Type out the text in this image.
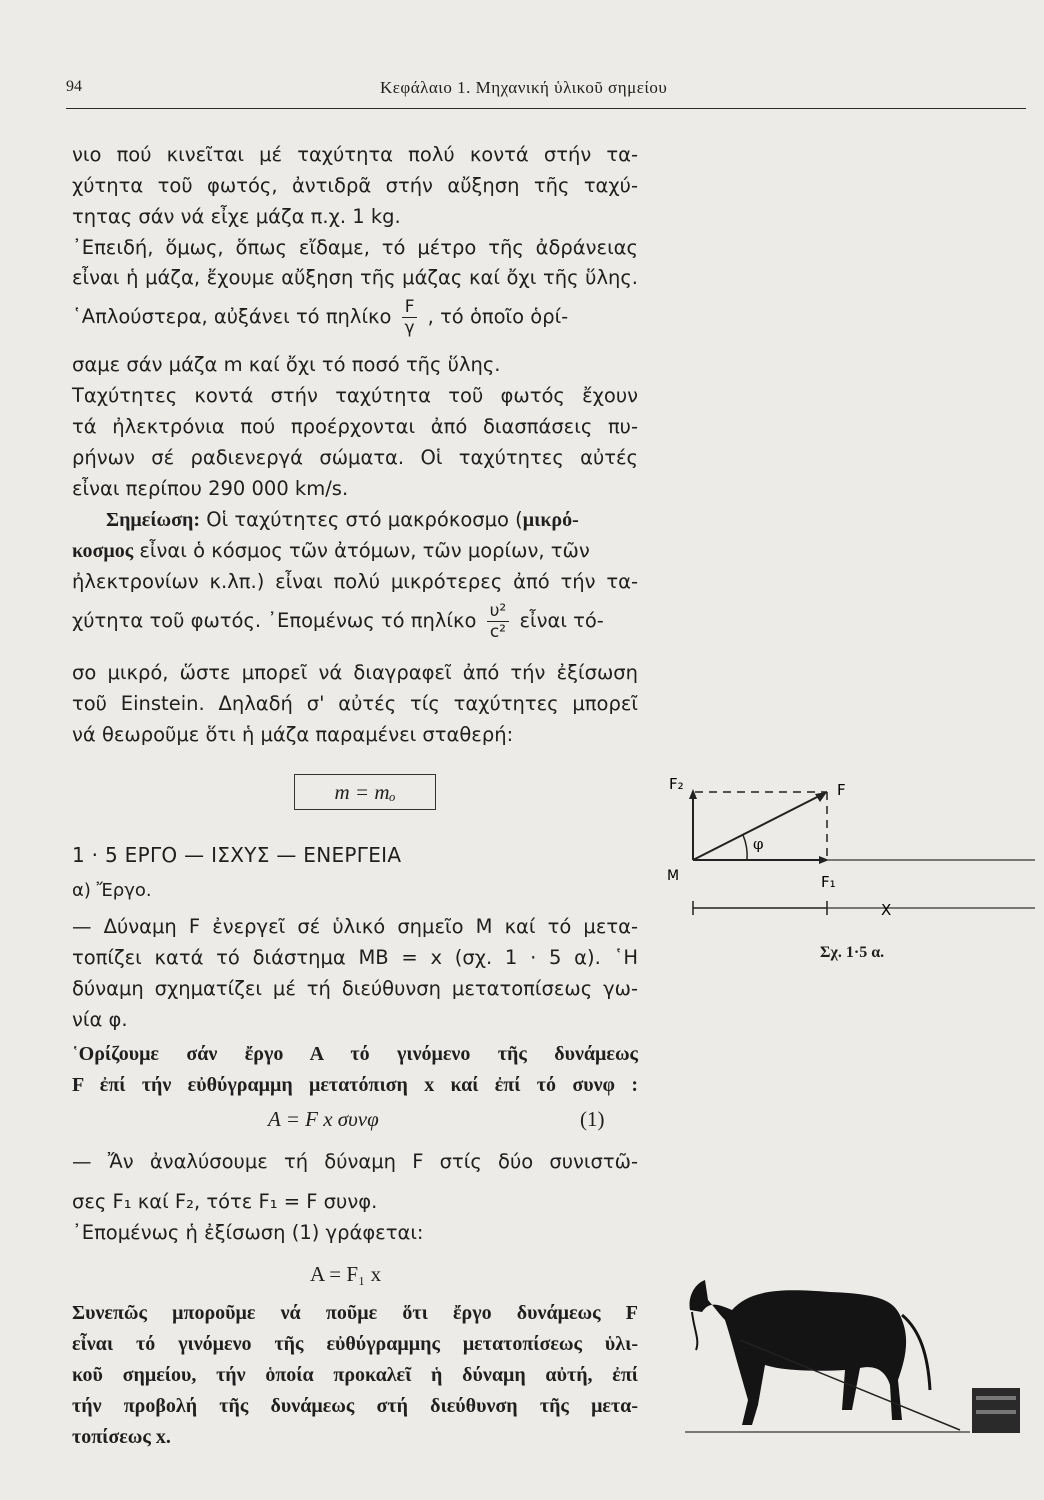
94	Κεφάλαιο 1. Μηχανική ὑλικοῦ σημείου
νιο πού κινεῖται μέ ταχύτητα πολύ κοντά στήν τα-
χύτητα τοῦ φωτός, ἀντιδρᾶ στήν αὔξηση τῆς ταχύ-
τητας σάν νά εἶχε μάζα π.χ. 1 kg.
᾿Επειδή, ὅμως, ὅπως εἴδαμε, τό μέτρο τῆς ἀδράνειας
εἶναι ἡ μάζα, ἔχουμε αὔξηση τῆς μάζας καί ὄχι τῆς ὕλης.
῾Απλούστερα, αὐξάνει τό πηλίκο $\frac{F}{\gamma}$ , τό ὁποῖο ὁρί-
σαμε σάν μάζα m καί ὄχι τό ποσό τῆς ὕλης.
Ταχύτητες κοντά στήν ταχύτητα τοῦ φωτός ἔχουν
τά ἠλεκτρόνια πού προέρχονται ἀπό διασπάσεις πυ-
ρήνων σέ ραδιενεργά σώματα. Οἱ ταχύτητες αὐτές
εἶναι περίπου 290 000 km/s.
Σημείωση: Οἱ ταχύτητες στό μακρόκοσμο (μικρό-
κοσμος εἶναι ὁ κόσμος τῶν ἀτόμων, τῶν μορίων, τῶν
ἠλεκτρονίων κ.λπ.) εἶναι πολύ μικρότερες ἀπό τήν τα-
χύτητα τοῦ φωτός. ᾿Επομένως τό πηλίκο $\frac{\text{υ²}}{\text{c²}}$ εἶναι τό-
σο μικρό, ὥστε μπορεῖ νά διαγραφεῖ ἀπό τήν ἐξίσωση
τοῦ Einstein. Δηλαδή σ' αὐτές τίς ταχύτητες μπορεῖ
νά θεωροῦμε ὅτι ἡ μάζα παραμένει σταθερή:
m = mₒ
1 · 5 ΕΡΓΟ — ΙΣΧΥΣ — ΕΝΕΡΓΕΙΑ
α) Ἔργο.
— Δύναμη F ἐνεργεῖ σέ ὑλικό σημεῖο Μ καί τό μετα-
τοπίζει κατά τό διάστημα ΜΒ = x (σχ. 1 · 5 α). ῾Η
δύναμη σχηματίζει μέ τή διεύθυνση μετατοπίσεως γω-
νία φ.
῾Ορίζουμε σάν ἔργο Α τό γινόμενο τῆς δυνάμεως
F ἐπί τήν εὐθύγραμμη μετατόπιση x καί ἐπί τό συνφ :
A = F x συνφ	(1)
— Ἄν ἀναλύσουμε τή δύναμη F στίς δύο συνιστῶ-
σες F₁ καί F₂, τότε F₁ = F συνφ.
᾿Επομένως ἡ ἐξίσωση (1) γράφεται:
A = F₁ x
Συνεπῶς μποροῦμε νά ποῦμε ὅτι ἔργο δυνάμεως F
εἶναι τό γινόμενο τῆς εὐθύγραμμης μετατοπίσεως ὑλι-
κοῦ σημείου, τήν ὁποία προκαλεῖ ἡ δύναμη αὐτή, ἐπί
τήν προβολή τῆς δυνάμεως στή διεύθυνση τῆς μετα-
τοπίσεως x.
F₂	F
φ
M	F₁
X
Σχ. 1·5 α.
